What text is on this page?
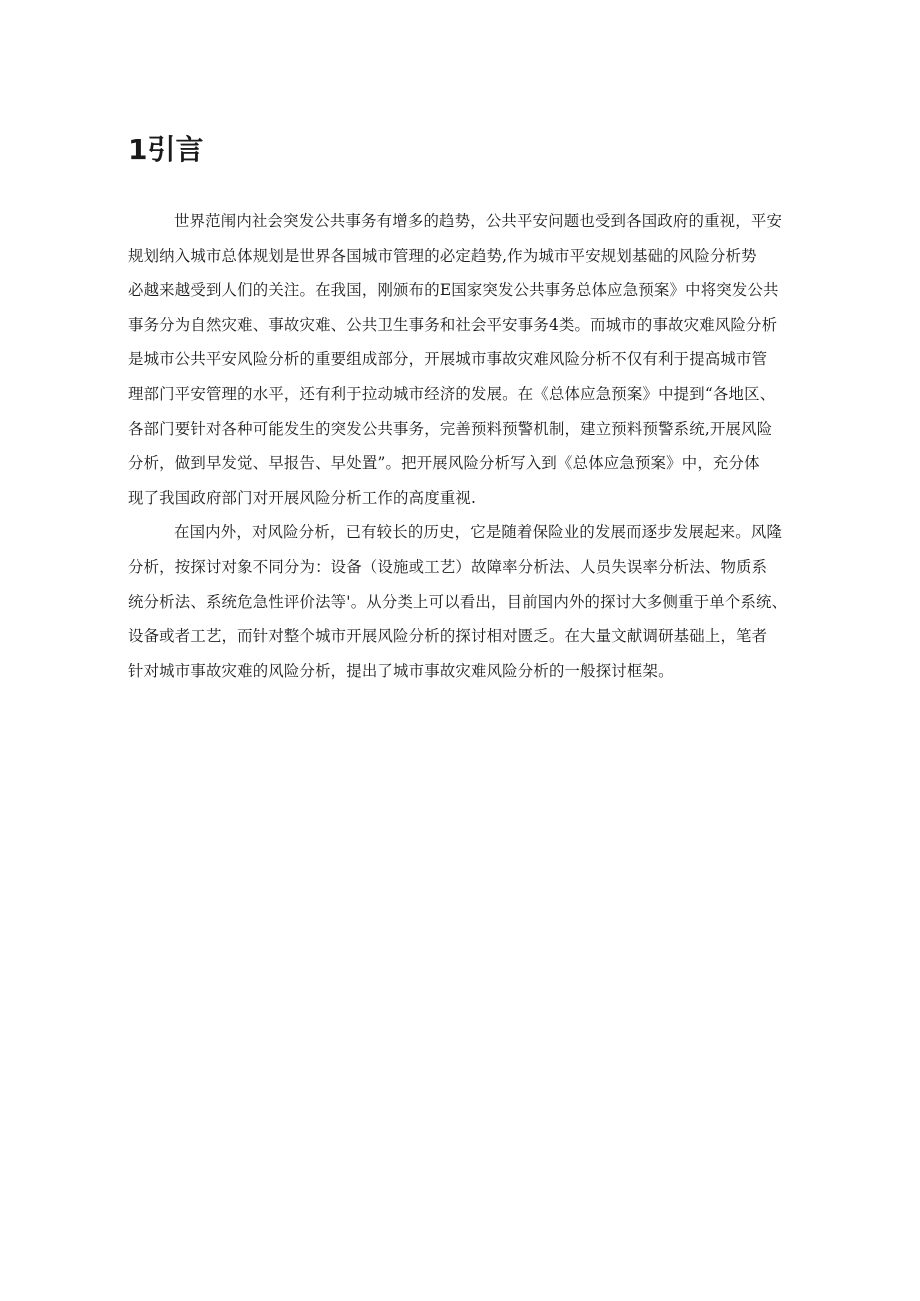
1引言

世界范闱内社会突发公共事务有增多的趋势，公共平安问题也受到各国政府的重视，平安
规划纳入城市总体规划是世界各国城市管理的必定趋势,作为城市平安规划基础的风险分析势
必越来越受到人们的关注。在我国，刚颁布的E国家突发公共事务总体应急预案》中将突发公共
事务分为自然灾难、事故灾难、公共卫生事务和社会平安事务4类。而城市的事故灾难风险分析
是城市公共平安风险分析的重要组成部分，开展城市事故灾难风险分析不仅有利于提高城市管
理部门平安管理的水平，还有利于拉动城市经济的发展。在《总体应急预案》中提到“各地区、
各部门要针对各种可能发生的突发公共事务，完善预料预警机制，建立预料预警系统,开展风险
分析，做到早发觉、早报告、早处置”。把开展风险分析写入到《总体应急预案》中，充分体
现了我国政府部门对开展风险分析工作的高度重视.

在国内外，对风险分析，已有较长的历史，它是随着保险业的发展而逐步发展起来。风隆
分析，按探讨对象不同分为：设备（设施或工艺）故障率分析法、人员失误率分析法、物质系
统分析法、系统危急性评价法等'。从分类上可以看出，目前国内外的探讨大多侧重于单个系统、
设备或者工艺，而针对整个城市开展风险分析的探讨相对匮乏。在大量文献调研基础上，笔者
针对城市事故灾难的风险分析，提出了城市事故灾难风险分析的一般探讨框架。
